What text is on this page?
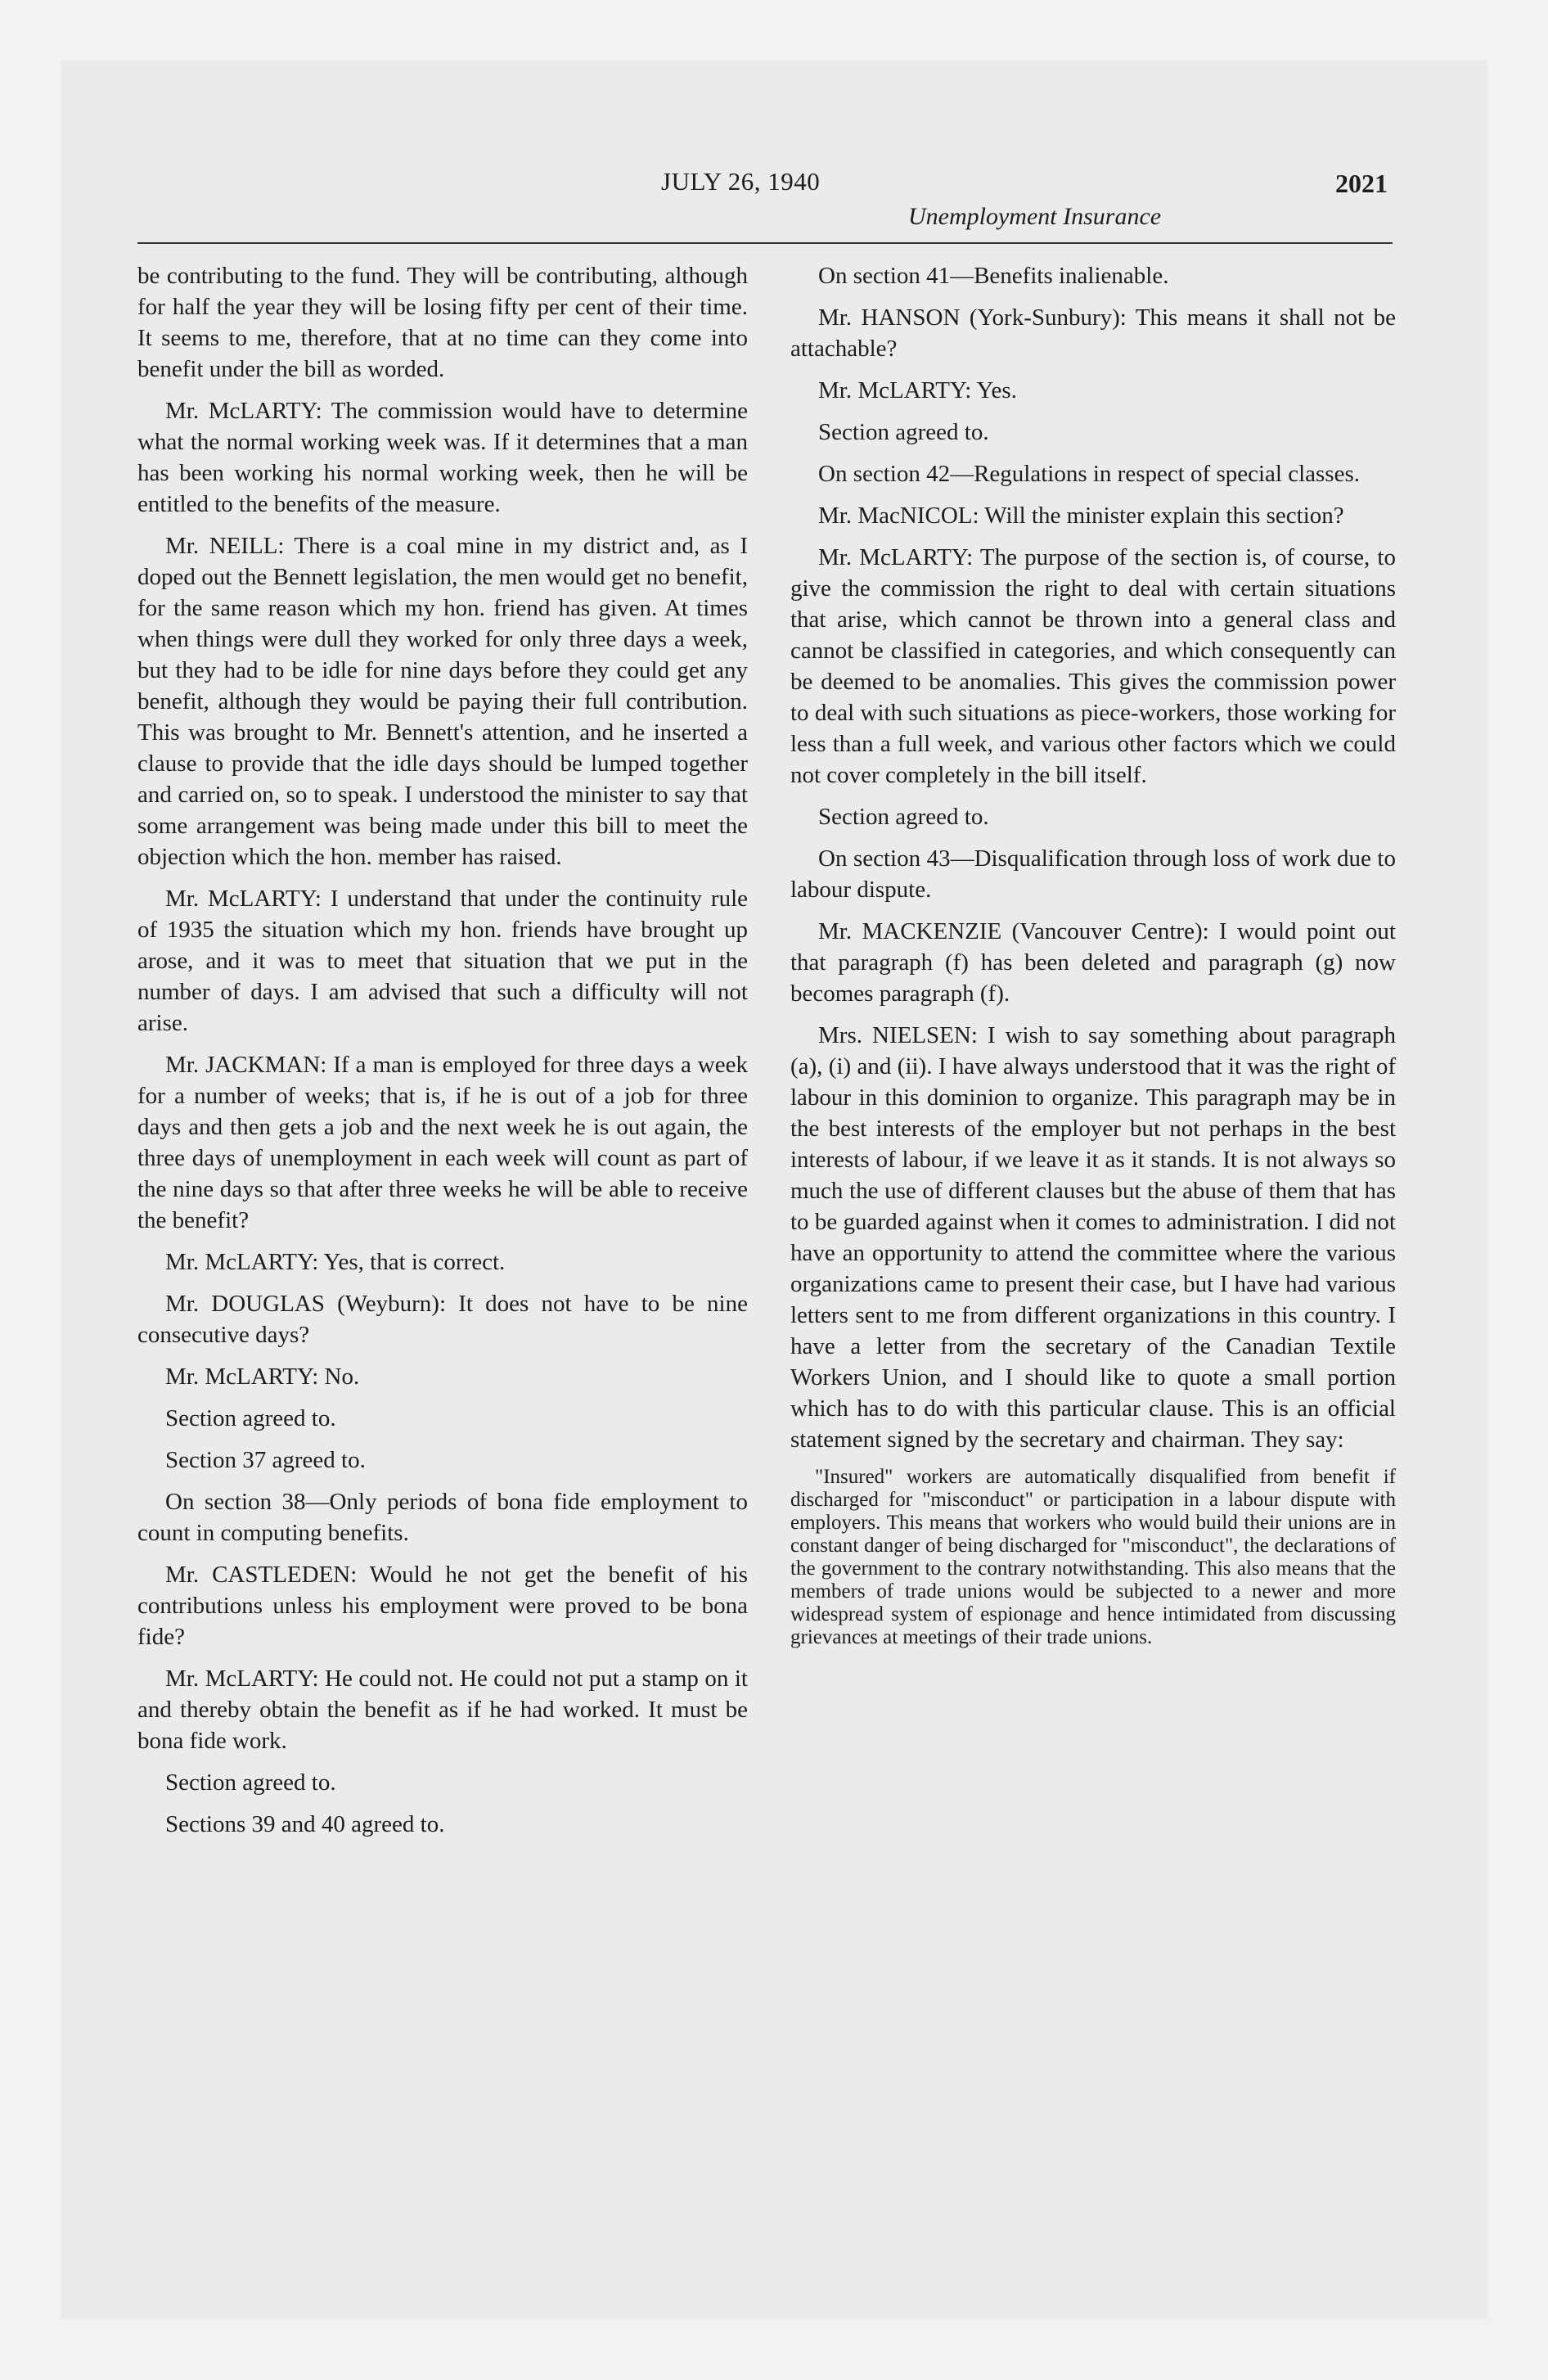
JULY 26, 1940	2021
Unemployment Insurance

be contributing to the fund. They will be contributing, although for half the year they will be losing fifty per cent of their time. It seems to me, therefore, that at no time can they come into benefit under the bill as worded.

Mr. McLARTY: The commission would have to determine what the normal working week was. If it determines that a man has been working his normal working week, then he will be entitled to the benefits of the measure.

Mr. NEILL: There is a coal mine in my district and, as I doped out the Bennett legislation, the men would get no benefit, for the same reason which my hon. friend has given. At times when things were dull they worked for only three days a week, but they had to be idle for nine days before they could get any benefit, although they would be paying their full contribution. This was brought to Mr. Bennett's attention, and he inserted a clause to provide that the idle days should be lumped together and carried on, so to speak. I understood the minister to say that some arrangement was being made under this bill to meet the objection which the hon. member has raised.

Mr. McLARTY: I understand that under the continuity rule of 1935 the situation which my hon. friends have brought up arose, and it was to meet that situation that we put in the number of days. I am advised that such a difficulty will not arise.

Mr. JACKMAN: If a man is employed for three days a week for a number of weeks; that is, if he is out of a job for three days and then gets a job and the next week he is out again, the three days of unemployment in each week will count as part of the nine days so that after three weeks he will be able to receive the benefit?

Mr. McLARTY: Yes, that is correct.

Mr. DOUGLAS (Weyburn): It does not have to be nine consecutive days?

Mr. McLARTY: No.

Section agreed to.

Section 37 agreed to.

On section 38—Only periods of bona fide employment to count in computing benefits.

Mr. CASTLEDEN: Would he not get the benefit of his contributions unless his employment were proved to be bona fide?

Mr. McLARTY: He could not. He could not put a stamp on it and thereby obtain the benefit as if he had worked. It must be bona fide work.

Section agreed to.

Sections 39 and 40 agreed to.

On section 41—Benefits inalienable.

Mr. HANSON (York-Sunbury): This means it shall not be attachable?

Mr. McLARTY: Yes.

Section agreed to.

On section 42—Regulations in respect of special classes.

Mr. MacNICOL: Will the minister explain this section?

Mr. McLARTY: The purpose of the section is, of course, to give the commission the right to deal with certain situations that arise, which cannot be thrown into a general class and cannot be classified in categories, and which consequently can be deemed to be anomalies. This gives the commission power to deal with such situations as piece-workers, those working for less than a full week, and various other factors which we could not cover completely in the bill itself.

Section agreed to.

On section 43—Disqualification through loss of work due to labour dispute.

Mr. MACKENZIE (Vancouver Centre): I would point out that paragraph (f) has been deleted and paragraph (g) now becomes paragraph (f).

Mrs. NIELSEN: I wish to say something about paragraph (a), (i) and (ii). I have always understood that it was the right of labour in this dominion to organize. This paragraph may be in the best interests of the employer but not perhaps in the best interests of labour, if we leave it as it stands. It is not always so much the use of different clauses but the abuse of them that has to be guarded against when it comes to administration. I did not have an opportunity to attend the committee where the various organizations came to present their case, but I have had various letters sent to me from different organizations in this country. I have a letter from the secretary of the Canadian Textile Workers Union, and I should like to quote a small portion which has to do with this particular clause. This is an official statement signed by the secretary and chairman. They say:

"Insured" workers are automatically disqualified from benefit if discharged for "misconduct" or participation in a labour dispute with employers. This means that workers who would build their unions are in constant danger of being discharged for "misconduct", the declarations of the government to the contrary notwithstanding. This also means that the members of trade unions would be subjected to a newer and more widespread system of espionage and hence intimidated from discussing grievances at meetings of their trade unions.
